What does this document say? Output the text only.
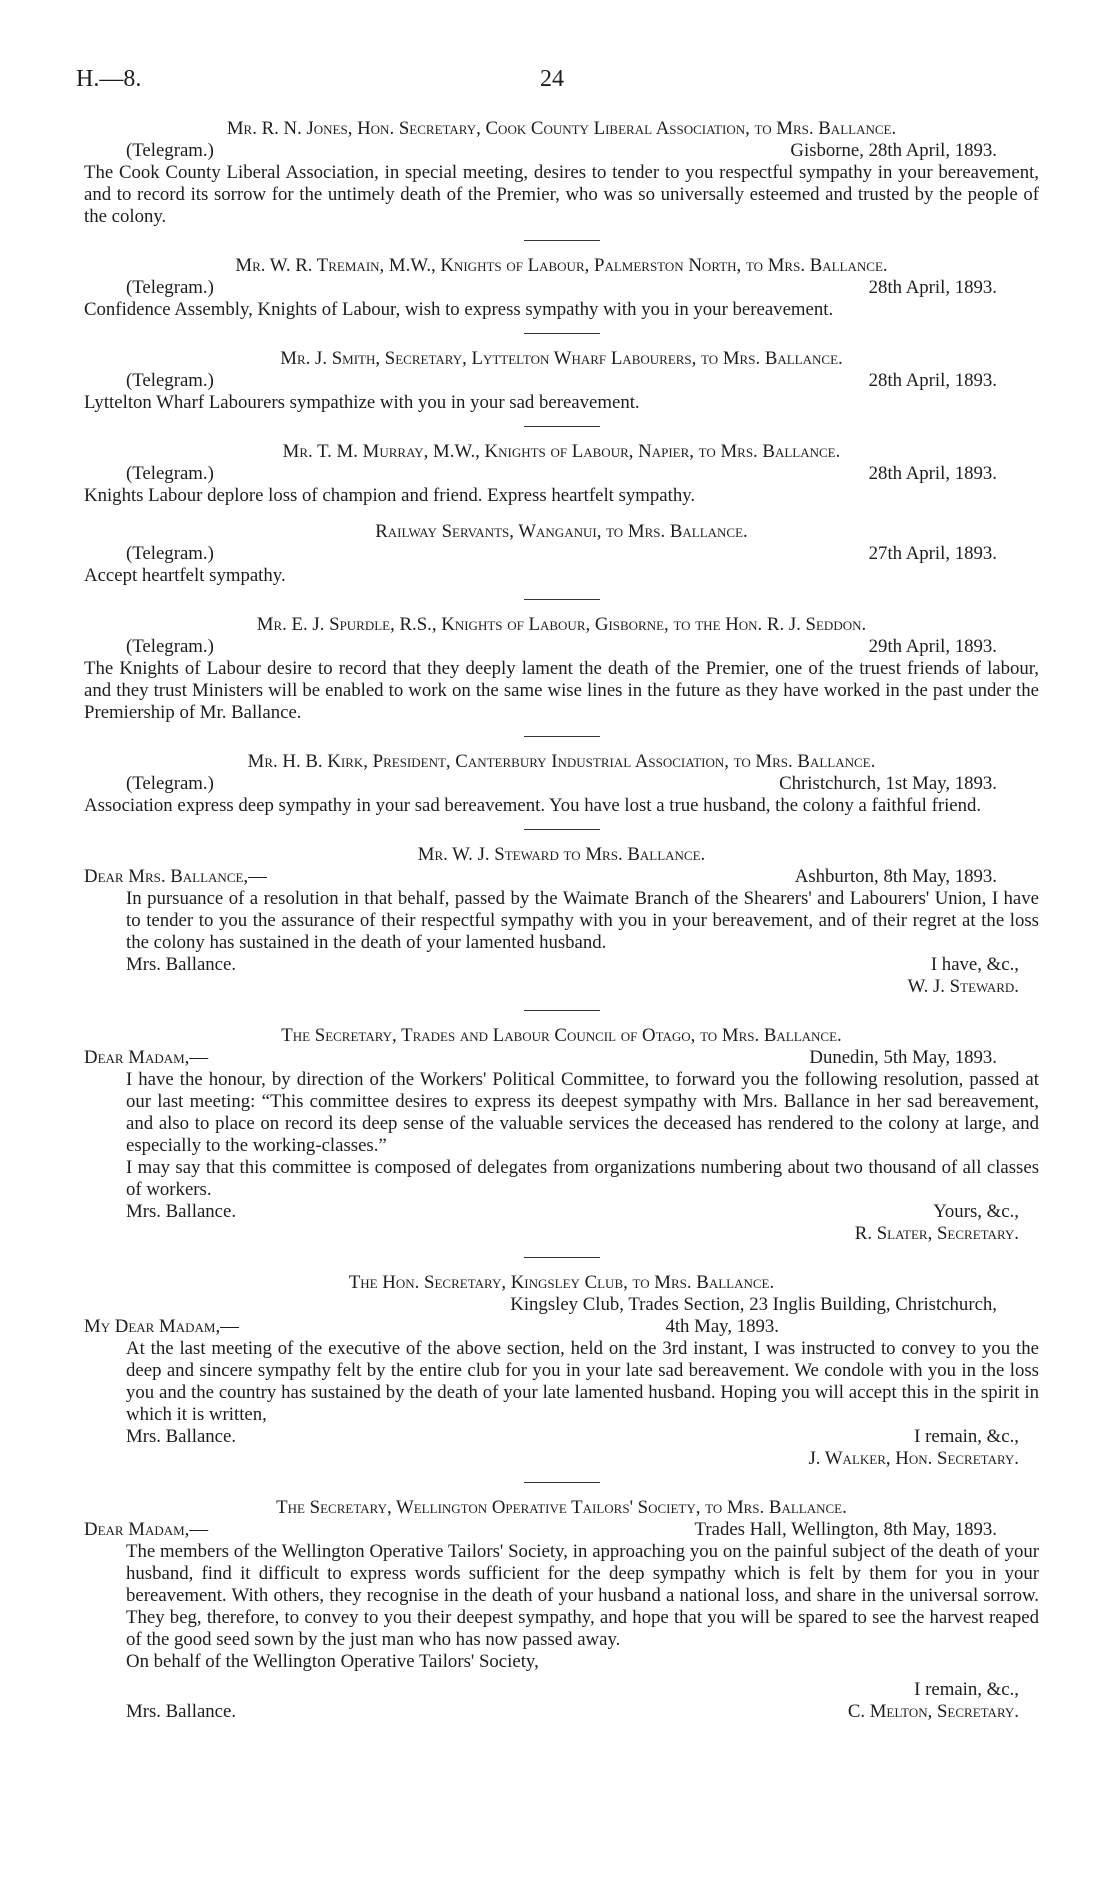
H.—8.	24
Mr. R. N. Jones, Hon. Secretary, Cook County Liberal Association, to Mrs. Ballance.
(Telegram.)	Gisborne, 28th April, 1893.

The Cook County Liberal Association, in special meeting, desires to tender to you respectful sympathy in your bereavement, and to record its sorrow for the untimely death of the Premier, who was so universally esteemed and trusted by the people of the colony.

Mr. W. R. Tremain, M.W., Knights of Labour, Palmerston North, to Mrs. Ballance.
(Telegram.)	28th April, 1893.

Confidence Assembly, Knights of Labour, wish to express sympathy with you in your bereavement.

Mr. J. Smith, Secretary, Lyttelton Wharf Labourers, to Mrs. Ballance.
(Telegram.)	28th April, 1893.

Lyttelton Wharf Labourers sympathize with you in your sad bereavement.

Mr. T. M. Murray, M.W., Knights of Labour, Napier, to Mrs. Ballance.
(Telegram.)	28th April, 1893.

Knights Labour deplore loss of champion and friend. Express heartfelt sympathy.

Railway Servants, Wanganui, to Mrs. Ballance.
(Telegram.)	27th April, 1893.

Accept heartfelt sympathy.

Mr. E. J. Spurdle, R.S., Knights of Labour, Gisborne, to the Hon. R. J. Seddon.
(Telegram.)	29th April, 1893.

The Knights of Labour desire to record that they deeply lament the death of the Premier, one of the truest friends of labour, and they trust Ministers will be enabled to work on the same wise lines in the future as they have worked in the past under the Premiership of Mr. Ballance.

Mr. H. B. Kirk, President, Canterbury Industrial Association, to Mrs. Ballance.
(Telegram.)	Christchurch, 1st May, 1893.

Association express deep sympathy in your sad bereavement. You have lost a true husband, the colony a faithful friend.

Mr. W. J. Steward to Mrs. Ballance.
Dear Mrs. Ballance,—	Ashburton, 8th May, 1893.

In pursuance of a resolution in that behalf, passed by the Waimate Branch of the Shearers' and Labourers' Union, I have to tender to you the assurance of their respectful sympathy with you in your bereavement, and of their regret at the loss the colony has sustained in the death of your lamented husband.

Mrs. Ballance.	I have, &c.,
W. J. Steward.
The Secretary, Trades and Labour Council of Otago, to Mrs. Ballance.
Dear Madam,—	Dunedin, 5th May, 1893.

I have the honour, by direction of the Workers' Political Committee, to forward you the following resolution, passed at our last meeting: “This committee desires to express its deepest sympathy with Mrs. Ballance in her sad bereavement, and also to place on record its deep sense of the valuable services the deceased has rendered to the colony at large, and especially to the working-classes.”

I may say that this committee is composed of delegates from organizations numbering about two thousand of all classes of workers.

Mrs. Ballance.	Yours, &c.,
R. Slater, Secretary.
The Hon. Secretary, Kingsley Club, to Mrs. Ballance.
Kingsley Club, Trades Section, 23 Inglis Building, Christchurch,
My Dear Madam,—	4th May, 1893.

At the last meeting of the executive of the above section, held on the 3rd instant, I was instructed to convey to you the deep and sincere sympathy felt by the entire club for you in your late sad bereavement. We condole with you in the loss you and the country has sustained by the death of your late lamented husband. Hoping you will accept this in the spirit in which it is written,

Mrs. Ballance.	I remain, &c.,
J. Walker, Hon. Secretary.
The Secretary, Wellington Operative Tailors' Society, to Mrs. Ballance.
Dear Madam,—	Trades Hall, Wellington, 8th May, 1893.

The members of the Wellington Operative Tailors' Society, in approaching you on the painful subject of the death of your husband, find it difficult to express words sufficient for the deep sympathy which is felt by them for you in your bereavement. With others, they recognise in the death of your husband a national loss, and share in the universal sorrow. They beg, therefore, to convey to you their deepest sympathy, and hope that you will be spared to see the harvest reaped of the good seed sown by the just man who has now passed away.

On behalf of the Wellington Operative Tailors' Society,

Mrs. Ballance.
I remain, &c.,
C. Melton, Secretary.
